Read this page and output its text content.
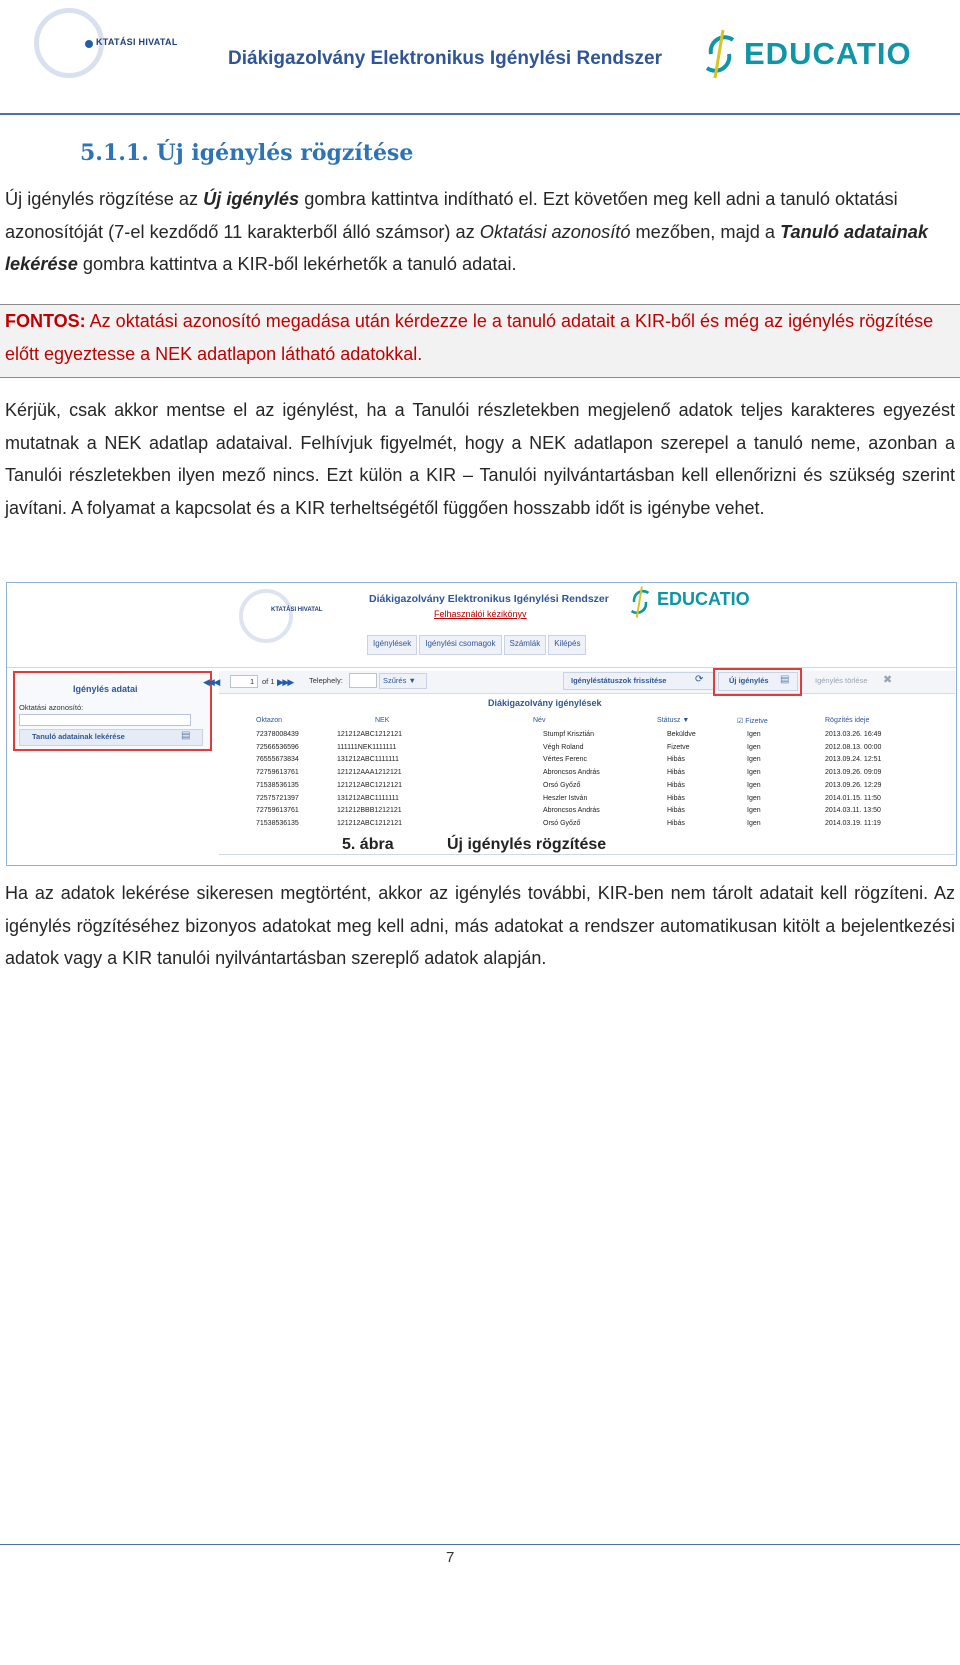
KTATÁSI HIVATAL
Diákigazolvány Elektronikus Igénylési Rendszer	EDUCATIO
5.1.1. Új igénylés rögzítése
Új igénylés rögzítése az Új igénylés gombra kattintva indítható el. Ezt követően meg kell adni a tanuló oktatási azonosítóját (7-el kezdődő 11 karakterből álló számsor) az Oktatási azonosító mezőben, majd a Tanuló adatainak lekérése gombra kattintva a KIR-ből lekérhetők a tanuló adatai.
FONTOS: Az oktatási azonosító megadása után kérdezze le a tanuló adatait a KIR-ből és még az igénylés rögzítése előtt egyeztesse a NEK adatlapon látható adatokkal.
Kérjük, csak akkor mentse el az igénylést, ha a Tanulói részletekben megjelenő adatok teljes karakteres egyezést mutatnak a NEK adatlap adataival. Felhívjuk figyelmét, hogy a NEK adatlapon szerepel a tanuló neme, azonban a Tanulói részletekben ilyen mező nincs. Ezt külön a KIR – Tanulói nyilvántartásban kell ellenőrizni és szükség szerint javítani. A folyamat a kapcsolat és a KIR terheltségétől függően hosszabb időt is igénybe vehet.
KTATÁSI HIVATAL
Diákigazolvány Elektronikus Igénylési Rendszer
Felhasználói kézikönyv
EDUCATIO
Igénylések	Igénylési csomagok	Számlák	Kilépés
Igénylés adatai
Oktatási azonosító:
Tanuló adatainak lekérése	▤
◀◀ ◀	1 of 1 ▶ ▶▶ Telephely:	Szűrés ▼	Igényléstátuszok frissítése	⟳	Új igénylés ▤	Igénylés törlése ✖
Diákigazolvány igénylések
Oktazon	NEK	Név	Státusz ▼	☑ Fizetve	Rögzítés ideje
72378008439	121212ABC1212121	Stumpf Krisztián	Beküldve	Igen	2013.03.26. 16:49
72566536596	111111NEK1111111	Végh Roland	Fizetve	Igen	2012.08.13. 00:00
76555673834	131212ABC1111111	Vértes Ferenc	Hibás	Igen	2013.09.24. 12:51
72759613761	121212AAA1212121	Abroncsos András	Hibás	Igen	2013.09.26. 09:09
71538536135	121212ABC1212121	Orsó Győző	Hibás	Igen	2013.09.26. 12:29
72575721397	131212ABC1111111	Heszler István	Hibás	Igen	2014.01.15. 11:50
72759613761	121212BBB1212121	Abroncsos András	Hibás	Igen	2014.03.11. 13:50
71538536135	121212ABC1212121	Orsó Győző	Hibás	Igen	2014.03.19. 11:19
5. ábra	Új igénylés rögzítése
Ha az adatok lekérése sikeresen megtörtént, akkor az igénylés további, KIR-ben nem tárolt adatait kell rögzíteni. Az igénylés rögzítéséhez bizonyos adatokat meg kell adni, más adatokat a rendszer automatikusan kitölt a bejelentkezési adatok vagy a KIR tanulói nyilvántartásban szereplő adatok alapján.
7
